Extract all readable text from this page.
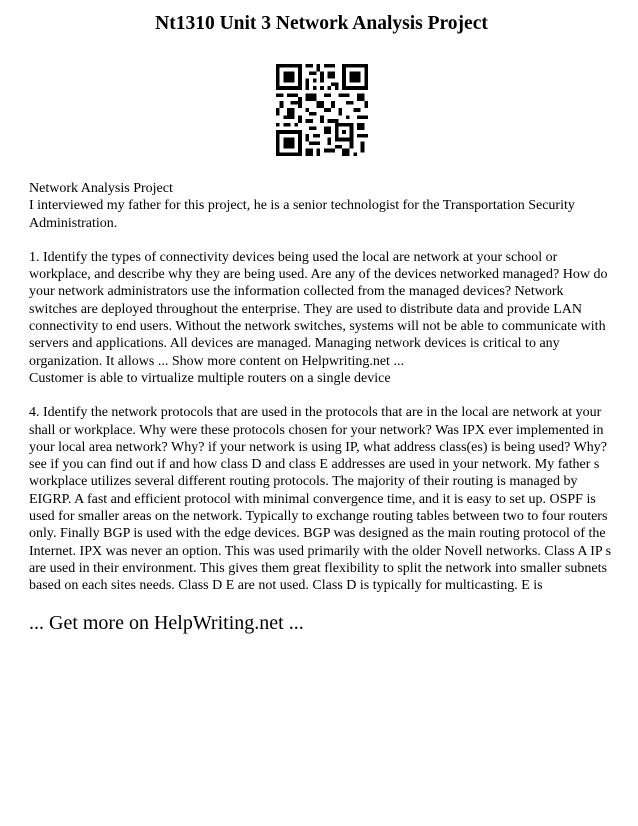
Nt1310 Unit 3 Network Analysis Project

Network Analysis Project

I interviewed my father for this project, he is a senior technologist for the Transportation Security Administration.

1. Identify the types of connectivity devices being used the local are network at your school or workplace, and describe why they are being used. Are any of the devices networked managed? How do your network administrators use the information collected from the managed devices? Network switches are deployed throughout the enterprise. They are used to distribute data and provide LAN connectivity to end users. Without the network switches, systems will not be able to communicate with servers and applications. All devices are managed. Managing network devices is critical to any organization. It allows ... Show more content on Helpwriting.net ...

Customer is able to virtualize multiple routers on a single device

4. Identify the network protocols that are used in the protocols that are in the local are network at your shall or workplace. Why were these protocols chosen for your network? Was IPX ever implemented in your local area network? Why? if your network is using IP, what address class(es) is being used? Why? see if you can find out if and how class D and class E addresses are used in your network. My father s workplace utilizes several different routing protocols. The majority of their routing is managed by EIGRP. A fast and efficient protocol with minimal convergence time, and it is easy to set up. OSPF is used for smaller areas on the network. Typically to exchange routing tables between two to four routers only. Finally BGP is used with the edge devices. BGP was designed as the main routing protocol of the Internet. IPX was never an option. This was used primarily with the older Novell networks. Class A IP s are used in their environment. This gives them great flexibility to split the network into smaller subnets based on each sites needs. Class D E are not used. Class D is typically for multicasting. E is

... Get more on HelpWriting.net ...
